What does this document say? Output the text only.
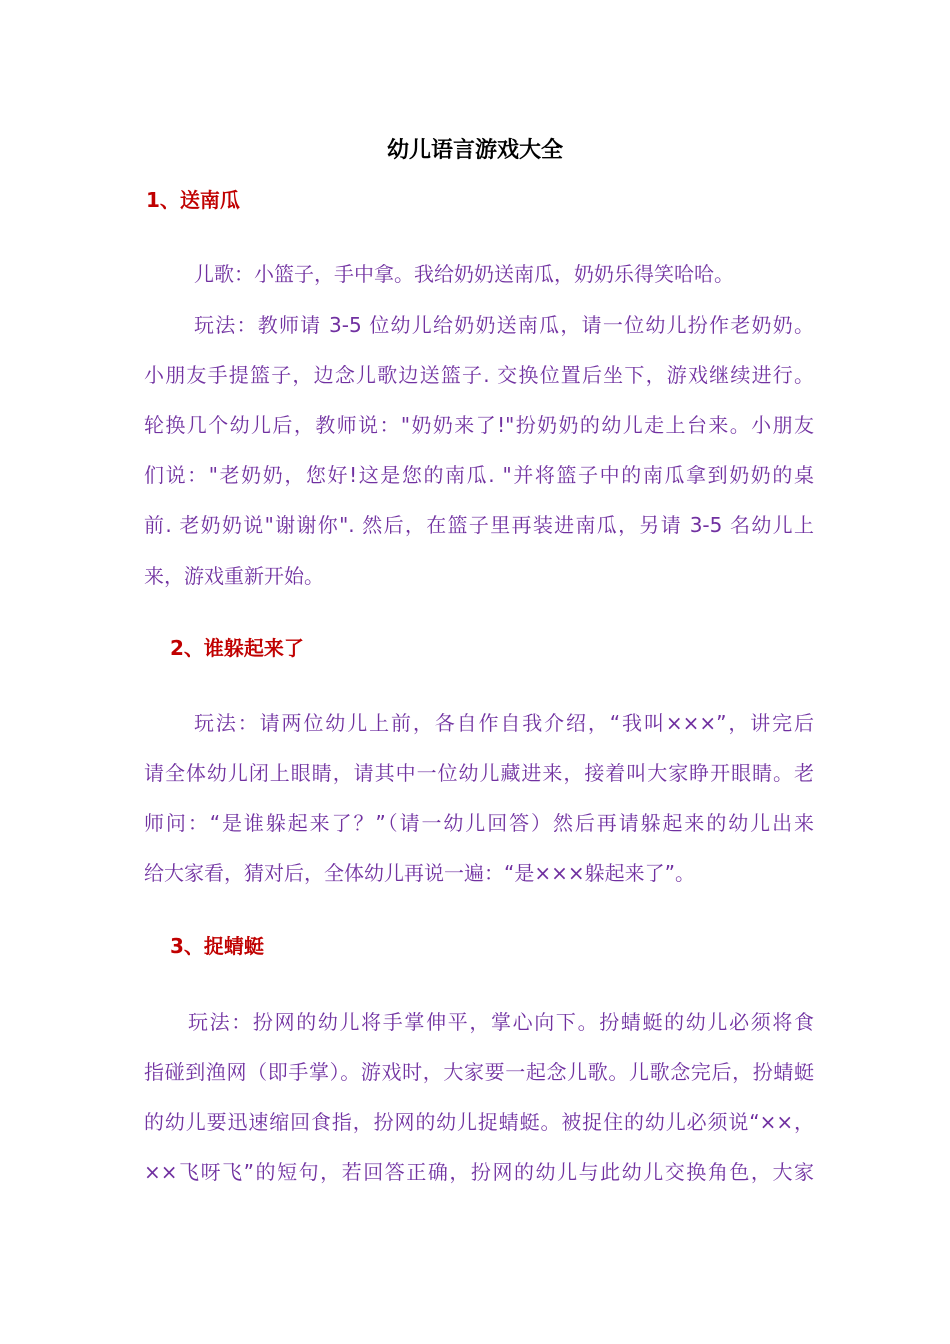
幼儿语言游戏大全
1、送南瓜
儿歌：小篮子，手中拿。我给奶奶送南瓜，奶奶乐得笑哈哈。
玩法：教师请 3-5 位幼儿给奶奶送南瓜，请一位幼儿扮作老奶奶。
小朋友手提篮子，边念儿歌边送篮子. 交换位置后坐下，游戏继续进行。
轮换几个幼儿后，教师说："奶奶来了!"扮奶奶的幼儿走上台来。小朋友
们说："老奶奶，您好!这是您的南瓜. "并将篮子中的南瓜拿到奶奶的桌
前. 老奶奶说"谢谢你". 然后，在篮子里再装进南瓜，另请 3-5 名幼儿上
来，游戏重新开始。
2、谁躲起来了
玩法：请两位幼儿上前，各自作自我介绍，“我叫×××”，讲完后
请全体幼儿闭上眼睛，请其中一位幼儿藏进来，接着叫大家睁开眼睛。老
师问：“是谁躲起来了？”（请一幼儿回答）然后再请躲起来的幼儿出来
给大家看，猜对后，全体幼儿再说一遍：“是×××躲起来了”。
3、捉蜻蜓
玩法：扮网的幼儿将手掌伸平，掌心向下。扮蜻蜓的幼儿必须将食
指碰到渔网（即手掌）。游戏时，大家要一起念儿歌。儿歌念完后，扮蜻蜓
的幼儿要迅速缩回食指，扮网的幼儿捉蜻蜓。被捉住的幼儿必须说“××，
××飞呀飞”的短句，若回答正确，扮网的幼儿与此幼儿交换角色，大家
